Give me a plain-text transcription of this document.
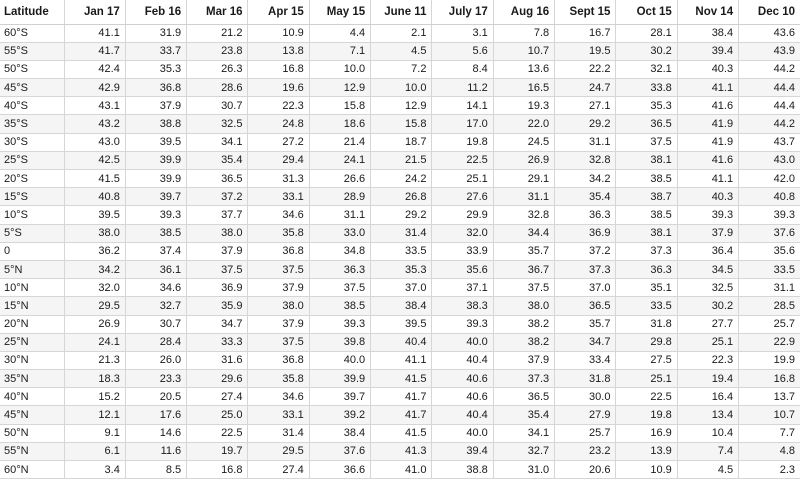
Latitude	Jan 17	Feb 16	Mar 16	Apr 15	May 15	June 11	July 17	Aug 16	Sept 15	Oct 15	Nov 14	Dec 10
60°S	41.1	31.9	21.2	10.9	4.4	2.1	3.1	7.8	16.7	28.1	38.4	43.6
55°S	41.7	33.7	23.8	13.8	7.1	4.5	5.6	10.7	19.5	30.2	39.4	43.9
50°S	42.4	35.3	26.3	16.8	10.0	7.2	8.4	13.6	22.2	32.1	40.3	44.2
45°S	42.9	36.8	28.6	19.6	12.9	10.0	11.2	16.5	24.7	33.8	41.1	44.4
40°S	43.1	37.9	30.7	22.3	15.8	12.9	14.1	19.3	27.1	35.3	41.6	44.4
35°S	43.2	38.8	32.5	24.8	18.6	15.8	17.0	22.0	29.2	36.5	41.9	44.2
30°S	43.0	39.5	34.1	27.2	21.4	18.7	19.8	24.5	31.1	37.5	41.9	43.7
25°S	42.5	39.9	35.4	29.4	24.1	21.5	22.5	26.9	32.8	38.1	41.6	43.0
20°S	41.5	39.9	36.5	31.3	26.6	24.2	25.1	29.1	34.2	38.5	41.1	42.0
15°S	40.8	39.7	37.2	33.1	28.9	26.8	27.6	31.1	35.4	38.7	40.3	40.8
10°S	39.5	39.3	37.7	34.6	31.1	29.2	29.9	32.8	36.3	38.5	39.3	39.3
5°S	38.0	38.5	38.0	35.8	33.0	31.4	32.0	34.4	36.9	38.1	37.9	37.6
0	36.2	37.4	37.9	36.8	34.8	33.5	33.9	35.7	37.2	37.3	36.4	35.6
5°N	34.2	36.1	37.5	37.5	36.3	35.3	35.6	36.7	37.3	36.3	34.5	33.5
10°N	32.0	34.6	36.9	37.9	37.5	37.0	37.1	37.5	37.0	35.1	32.5	31.1
15°N	29.5	32.7	35.9	38.0	38.5	38.4	38.3	38.0	36.5	33.5	30.2	28.5
20°N	26.9	30.7	34.7	37.9	39.3	39.5	39.3	38.2	35.7	31.8	27.7	25.7
25°N	24.1	28.4	33.3	37.5	39.8	40.4	40.0	38.2	34.7	29.8	25.1	22.9
30°N	21.3	26.0	31.6	36.8	40.0	41.1	40.4	37.9	33.4	27.5	22.3	19.9
35°N	18.3	23.3	29.6	35.8	39.9	41.5	40.6	37.3	31.8	25.1	19.4	16.8
40°N	15.2	20.5	27.4	34.6	39.7	41.7	40.6	36.5	30.0	22.5	16.4	13.7
45°N	12.1	17.6	25.0	33.1	39.2	41.7	40.4	35.4	27.9	19.8	13.4	10.7
50°N	9.1	14.6	22.5	31.4	38.4	41.5	40.0	34.1	25.7	16.9	10.4	7.7
55°N	6.1	11.6	19.7	29.5	37.6	41.3	39.4	32.7	23.2	13.9	7.4	4.8
60°N	3.4	8.5	16.8	27.4	36.6	41.0	38.8	31.0	20.6	10.9	4.5	2.3
